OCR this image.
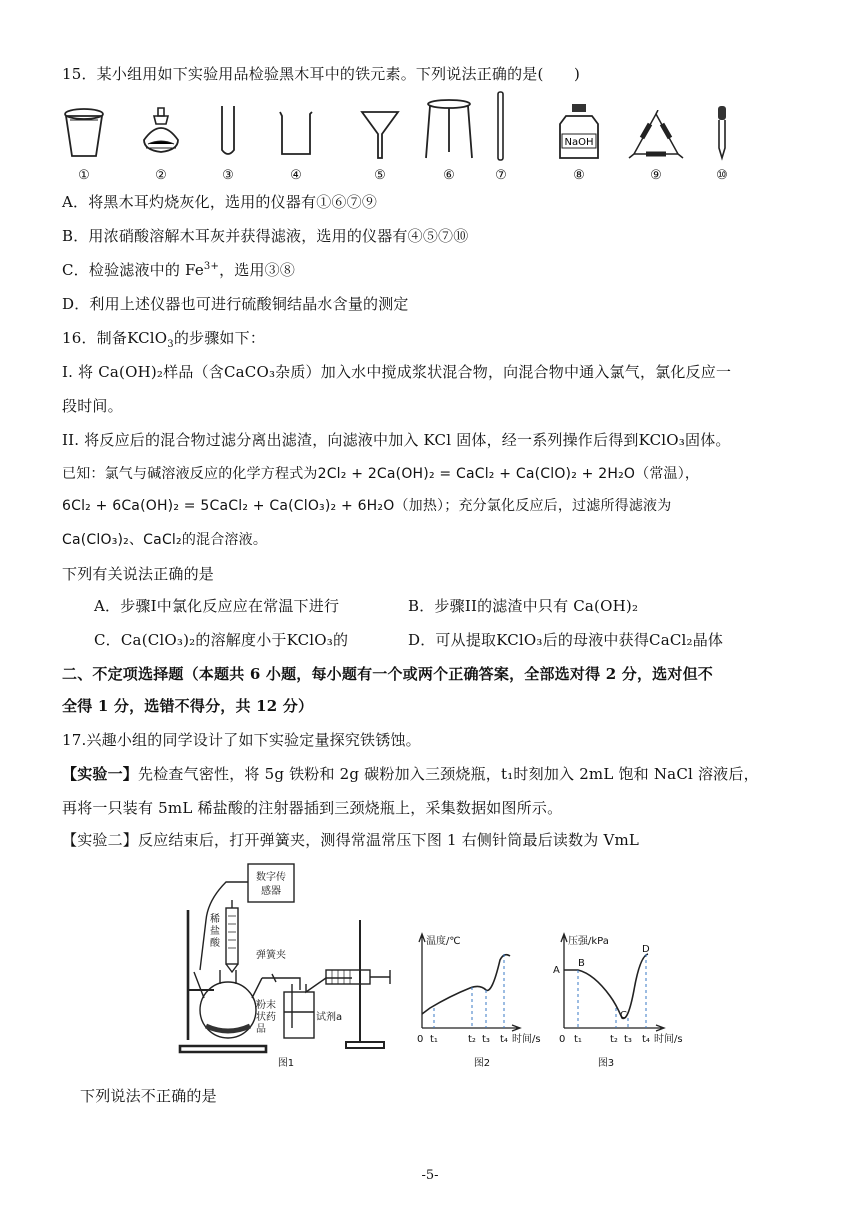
15．某小组用如下实验用品检验黑木耳中的铁元素。下列说法正确的是(　　)
NaOH
①	②	③	④	⑤	⑥	⑦	⑧	⑨	⑩
A．将黑木耳灼烧灰化，选用的仪器有①⑥⑦⑨
B．用浓硝酸溶解木耳灰并获得滤液，选用的仪器有④⑤⑦⑩
C．检验滤液中的 $Fe^{3+}$，选用③⑧
D．利用上述仪器也可进行硫酸铜结晶水含量的测定
16．制备KClO$_3$的步骤如下：
I. 将 Ca(OH)₂样品（含CaCO₃杂质）加入水中搅成浆状混合物，向混合物中通入氯气，氯化反应一
段时间。
II. 将反应后的混合物过滤分离出滤渣，向滤液中加入 KCl 固体，经一系列操作后得到KClO₃固体。
已知：氯气与碱溶液反应的化学方程式为2Cl₂ + 2Ca(OH)₂ = CaCl₂ + Ca(ClO)₂ + 2H₂O（常温），
6Cl₂ + 6Ca(OH)₂ = 5CaCl₂ + Ca(ClO₃)₂ + 6H₂O（加热）；充分氯化反应后，过滤所得滤液为
Ca(ClO₃)₂、CaCl₂的混合溶液。
下列有关说法正确的是
A．步骤I中氯化反应应在常温下进行	B．步骤II的滤渣中只有 Ca(OH)₂
C．Ca(ClO₃)₂的溶解度小于KClO₃的	D．可从提取KClO₃后的母液中获得CaCl₂晶体
二、不定项选择题（本题共 6 小题，每小题有一个或两个正确答案，全部选对得 2 分，选对但不
全得 1 分，选错不得分，共 12 分）
17.兴趣小组的同学设计了如下实验定量探究铁锈蚀。
【实验一】先检查气密性，将 5g 铁粉和 2g 碳粉加入三颈烧瓶，t₁时刻加入 2mL 饱和 NaCl 溶液后，
再将一只装有 5mL 稀盐酸的注射器插到三颈烧瓶上，采集数据如图所示。
【实验二】反应结束后，打开弹簧夹，测得常温常压下图 1 右侧针筒最后读数为 VmL
数字传
感器
稀
盐
酸
弹簧夹
粉末
状药
品
试剂a
图1
温度/℃
0 t₁	t₂ t₃ t₄ 时间/s
图2
压强/kPa
A
B
C
D
0 t₁	t₂ t₃ t₄ 时间/s
图3
下列说法不正确的是
-5-
